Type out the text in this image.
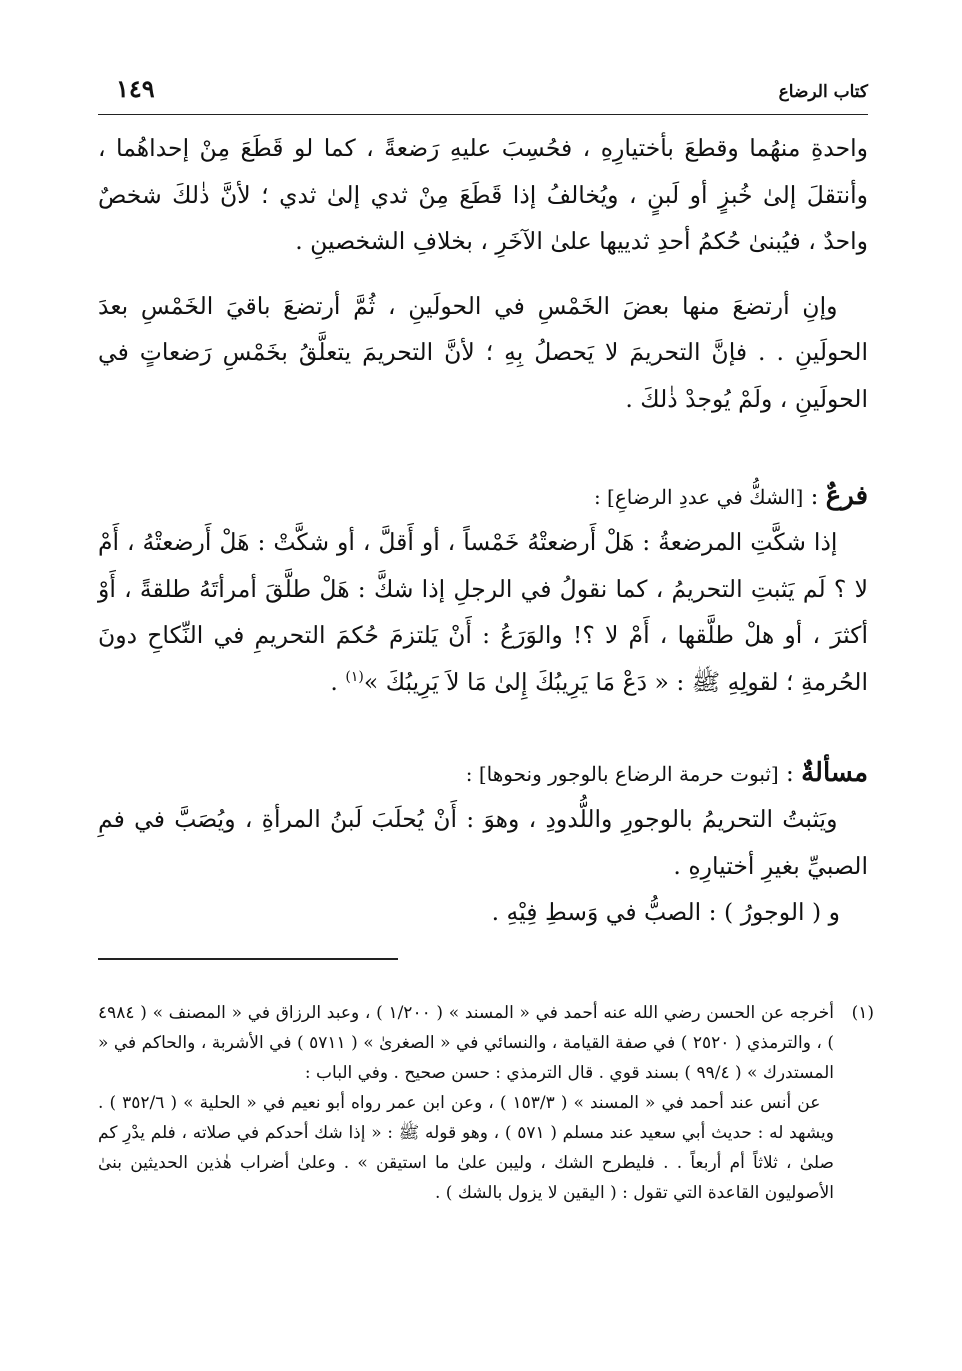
كتاب الرضاع
١٤٩

واحدةِ منهُما وقطعَ بأختيارِهِ ، فحُسِبَ عليهِ رَضعةً ، كما لو قَطَعَ مِنْ إحداهُما ، وأنتقلَ إلىٰ خُبزٍ أو لَبنٍ ، ويُخالفُ إذا قَطَعَ مِنْ ثدي إلىٰ ثدي ؛ لأنَّ ذٰلكَ شخصٌ واحدٌ ، فيُبنىٰ حُكمُ أحدِ ثدييها علىٰ الآخَرِ ، بخلافِ الشخصينِ .

وإنِ أرتضعَ منها بعضَ الخَمْسِ في الحولَينِ ، ثُمَّ أرتضعَ باقيَ الخَمْسِ بعدَ الحولَينِ . . فإنَّ التحريمَ لا يَحصلُ بِهِ ؛ لأنَّ التحريمَ يتعلَّقُ بخَمْسِ رَضعاتٍ في الحولَينِ ، ولَمْ يُوجدْ ذٰلكَ .

فرعٌ : [الشكُّ في عددِ الرضاعِ] :

إذا شكَّتِ المرضعةُ : هَلْ أَرضعتْهُ خَمْساً ، أو أَقلَّ ، أو شكَّتْ : هَلْ أَرضعتْهُ ، أَمْ لا ؟ لَم يَثبتِ التحريمُ ، كما نقولُ في الرجلِ إذا شكَّ : هَلْ طلَّقَ أمرأتَهُ طلقةً ، أَوْ أكثرَ ، أو هلْ طلَّقها ، أَمْ لا ؟! والوَرَعُ : أَنْ يَلتزمَ حُكمَ التحريمِ في النِّكاحِ دونَ الحُرمةِ ؛ لقولِهِ ﷺ : « دَعْ مَا يَرِيبُكَ إِلىٰ مَا لاَ يَرِيبُكَ »$^{(١)}$ .

مسألةٌ : [ثبوت حرمة الرضاع بالوجور ونحوها] :

ويَثبتُ التحريمُ بالوجورِ واللُّدودِ ، وهوَ : أَنْ يُحلَبَ لَبنُ المرأةِ ، ويُصَبَّ في فمِ الصبيِّ بغيرِ أختيارِهِ .

و ( الوجورُ ) : الصبُّ في وَسطِ فِيْهِ .

(١)

أخرجه عن الحسن رضي الله عنه أحمد في « المسند » ( ١/٢٠٠ ) ، وعبد الرزاق في « المصنف » ( ٤٩٨٤ ) ، والترمذي ( ٢٥٢٠ ) في صفة القيامة ، والنسائي في « الصغرىٰ » ( ٥٧١١ ) في الأشربة ، والحاكم في « المستدرك » ( ٩٩/٤ ) بسند قوي . قال الترمذي : حسن صحيح . وفي الباب :

عن أنس عند أحمد في « المسند » ( ١٥٣/٣ ) ، وعن ابن عمر رواه أبو نعيم في « الحلية » ( ٣٥٢/٦ ) . ويشهد له : حديث أبي سعيد عند مسلم ( ٥٧١ ) ، وهو قوله ﷺ : « إذا شك أحدكم في صلاته ، فلم يدْرِ كم صلىٰ ، ثلاثاً أم أربعاً . . فليطرح الشك ، وليبن علىٰ ما استيقن » . وعلىٰ أضراب هٰذين الحديثين بنىٰ الأصوليون القاعدة التي تقول : ( اليقين لا يزول بالشك ) .
